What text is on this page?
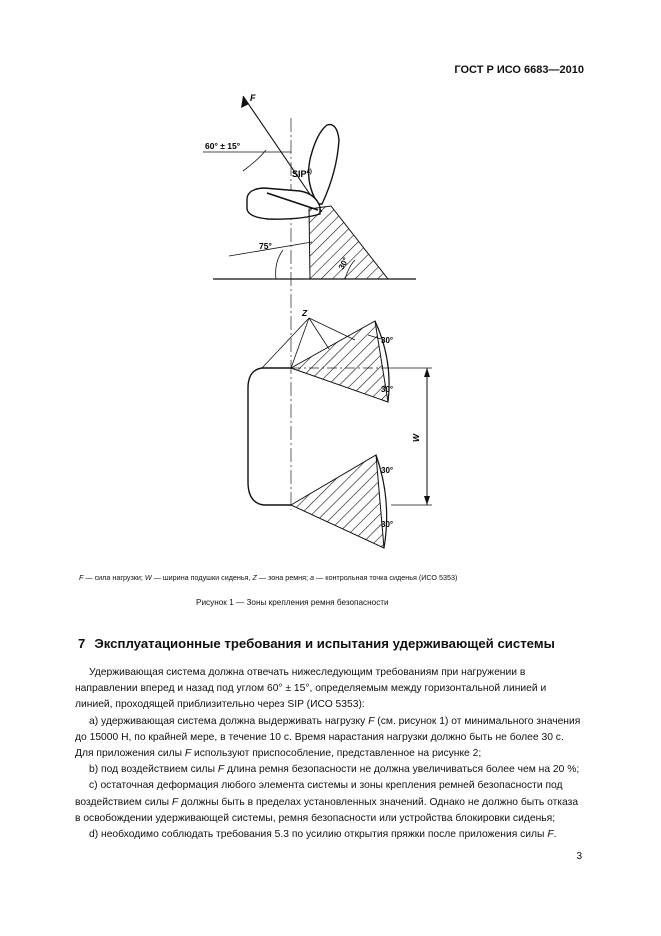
ГОСТ Р ИСО 6683—2010
F
60° ± 15°
SIP$^{a)}$
75°
30°
Z
W
30°
30°
30°
30°
F — сила нагрузки; W — ширина подушки сиденья, Z — зона ремня; а — контрольная точка сиденья (ИСО 5353)
Рисунок 1 — Зоны крепления ремня безопасности
7 Эксплуатационные требования и испытания удерживающей системы

Удерживающая система должна отвечать нижеследующим требованиям при нагружении в направлении вперед и назад под углом 60° ± 15°, определяемым между горизонтальной линией и линией, проходящей приблизительно через SIP (ИСО 5353):

а) удерживающая система должна выдерживать нагрузку F (см. рисунок 1) от минимального значения до 15000 Н, по крайней мере, в течение 10 с. Время нарастания нагрузки должно быть не более 30 с. Для приложения силы F используют приспособление, представленное на рисунке 2;

b) под воздействием силы F длина ремня безопасности не должна увеличиваться более чем на 20 %;

с) остаточная деформация любого элемента системы и зоны крепления ремней безопасности под воздействием силы F должны быть в пределах установленных значений. Однако не должно быть отказа в освобождении удерживающей системы, ремня безопасности или устройства блокировки сиденья;

d) необходимо соблюдать требования 5.3 по усилию открытия пряжки после приложения силы F.

3
